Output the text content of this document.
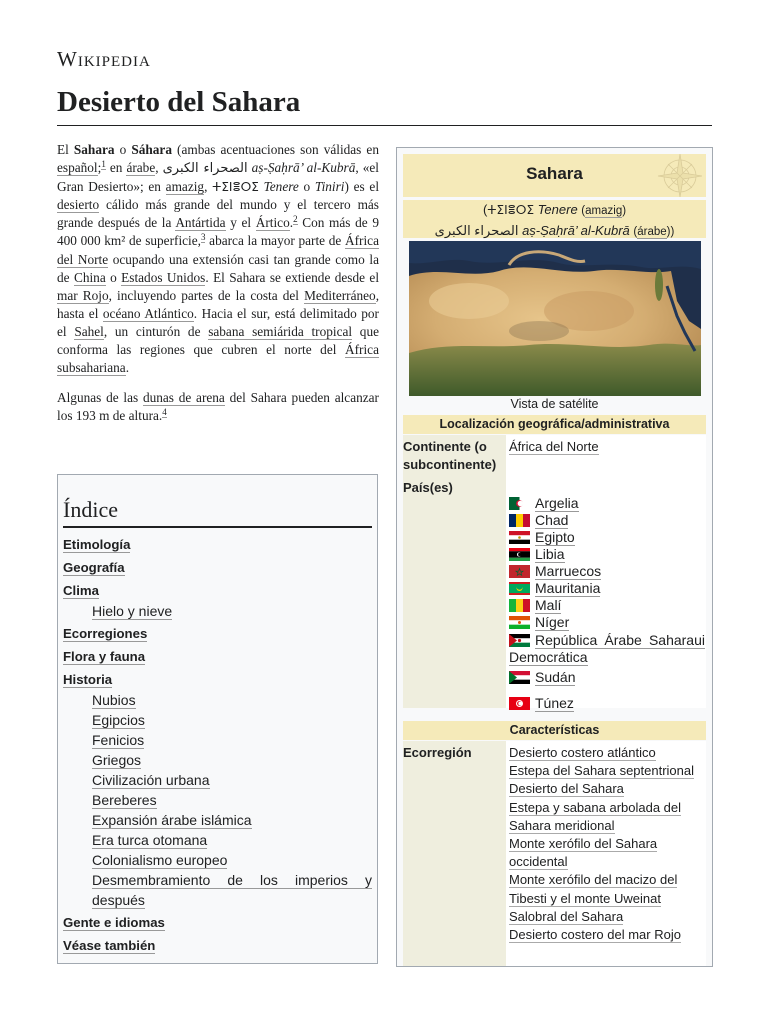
Wikipedia
Desierto del Sahara

El Sahara o Sáhara (ambas acentuaciones son válidas en español;$^1$ en árabe, الصحراء الكبرى aṣ-Ṣaḥrā’ al-Kubrā, «el Gran Desierto»; en amazig, ⵜⵉⵏⴻⵔⵉ Tenere o Tiniri) es el desierto cálido más grande del mundo y el tercero más grande después de la Antártida y el Ártico.$^2$ Con más de 9 400 000 km² de superficie,$^3$ abarca la mayor parte de África del Norte ocupando una extensión casi tan grande como la de China o Estados Unidos. El Sahara se extiende desde el mar Rojo, incluyendo partes de la costa del Mediterráneo, hasta el océano Atlántico. Hacia el sur, está delimitado por el Sahel, un cinturón de sabana semiárida tropical que conforma las regiones que cubren el norte del África subsahariana.

Algunas de las dunas de arena del Sahara pueden alcanzar los 193 m de altura.$^4$

Índice
Etimología
Geografía
Clima
Hielo y nieve
Ecorregiones
Flora y fauna
Historia
Nubios
Egipcios
Fenicios
Griegos
Civilización urbana
Bereberes
Expansión árabe islámica
Era turca otomana
Colonialismo europeo
Desmembramiento de los imperios y después
Gente e idiomas
Véase también
Sahara
(ⵜⵉⵏⴻⵔⵉ Tenere (amazig)
الصحراء الكبرى aṣ-Ṣaḥrā’ al-Kubrā (árabe))
Vista de satélite
Localización geográfica/administrativa
Continente (o subcontinente)
África del Norte
País(es)
Argelia
Chad
Egipto
Libia
Marruecos
Mauritania
Malí
Níger
República Árabe Saharaui Democrática
Sudán
Túnez
Características
Ecorregión	Desierto costero atlántico
Estepa del Sahara septentrional
Desierto del Sahara
Estepa y sabana arbolada del Sahara meridional
Monte xerófilo del Sahara occidental
Monte xerófilo del macizo del Tibesti y el monte Uweinat
Salobral del Sahara
Desierto costero del mar Rojo
